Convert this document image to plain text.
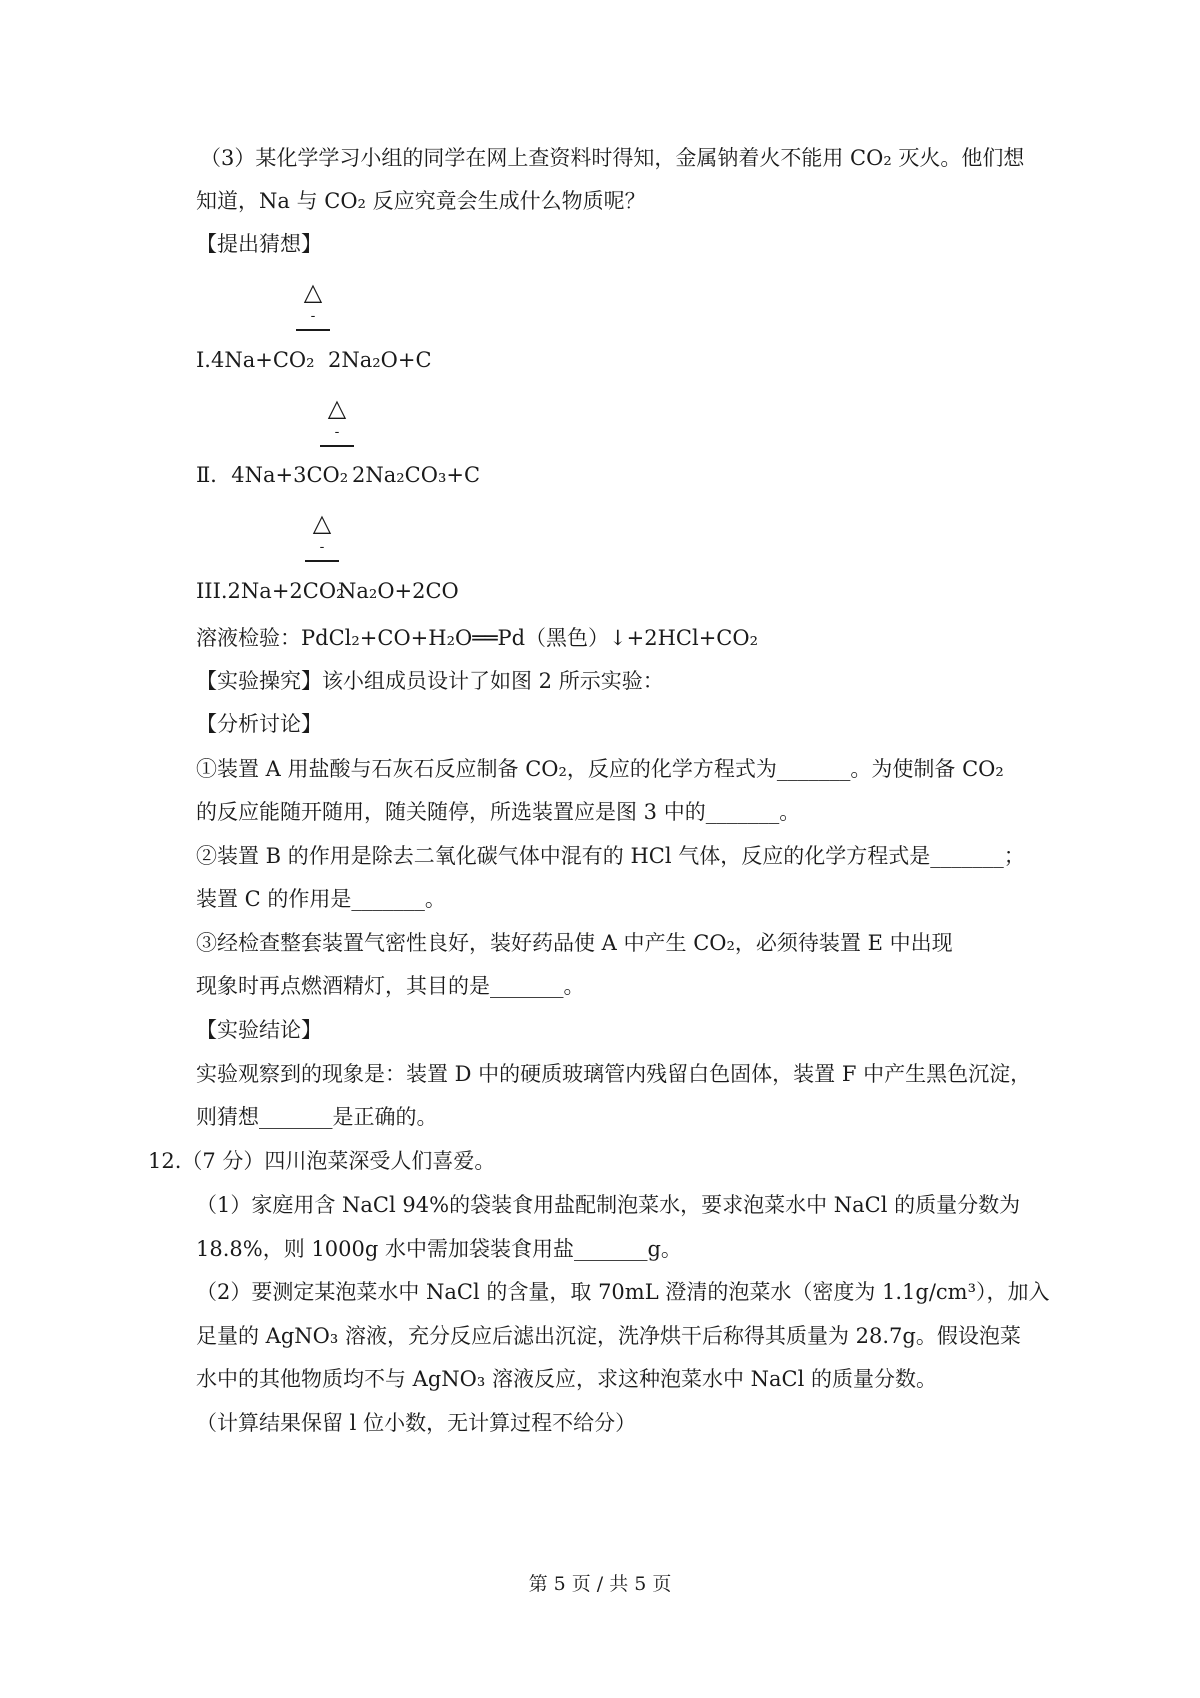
（3）某化学学习小组的同学在网上查资料时得知，金属钠着火不能用 CO₂ 灭火。他们想

知道，Na 与 CO₂ 反应究竟会生成什么物质呢？

【提出猜想】

△
-

Ⅰ.4Na+CO₂ 2Na₂O+C

△
-

Ⅱ．4Na+3CO₂ 2Na₂CO₃+C

△
-

III.2Na+2CO₂

Na₂O+2CO

溶液检验：PdCl₂+CO+H₂O══Pd（黑色）↓+2HCl+CO₂

【实验操究】该小组成员设计了如图 2 所示实验：

【分析讨论】

①装置 A 用盐酸与石灰石反应制备 CO₂，反应的化学方程式为_______。为使制备 CO₂

的反应能随开随用，随关随停，所选装置应是图 3 中的_______。

②装置 B 的作用是除去二氧化碳气体中混有的 HCl 气体，反应的化学方程式是_______；

装置 C 的作用是_______。

③经检查整套装置气密性良好，装好药品使 A 中产生 CO₂，必须待装置 E 中出现

现象时再点燃酒精灯，其目的是_______。

【实验结论】

实验观察到的现象是：装置 D 中的硬质玻璃管内残留白色固体，装置 F 中产生黑色沉淀，

则猜想_______是正确的。

12.（7 分）四川泡菜深受人们喜爱。

（1）家庭用含 NaCl 94%的袋装食用盐配制泡菜水，要求泡菜水中 NaCl 的质量分数为

18.8%，则 1000g 水中需加袋装食用盐_______g。

（2）要测定某泡菜水中 NaCl 的含量，取 70mL 澄清的泡菜水（密度为 1.1g/cm³），加入

足量的 AgNO₃ 溶液，充分反应后滤出沉淀，洗净烘干后称得其质量为 28.7g。假设泡菜

水中的其他物质均不与 AgNO₃ 溶液反应，求这种泡菜水中 NaCl 的质量分数。

（计算结果保留 l 位小数，无计算过程不给分）

第 5 页 / 共 5 页
